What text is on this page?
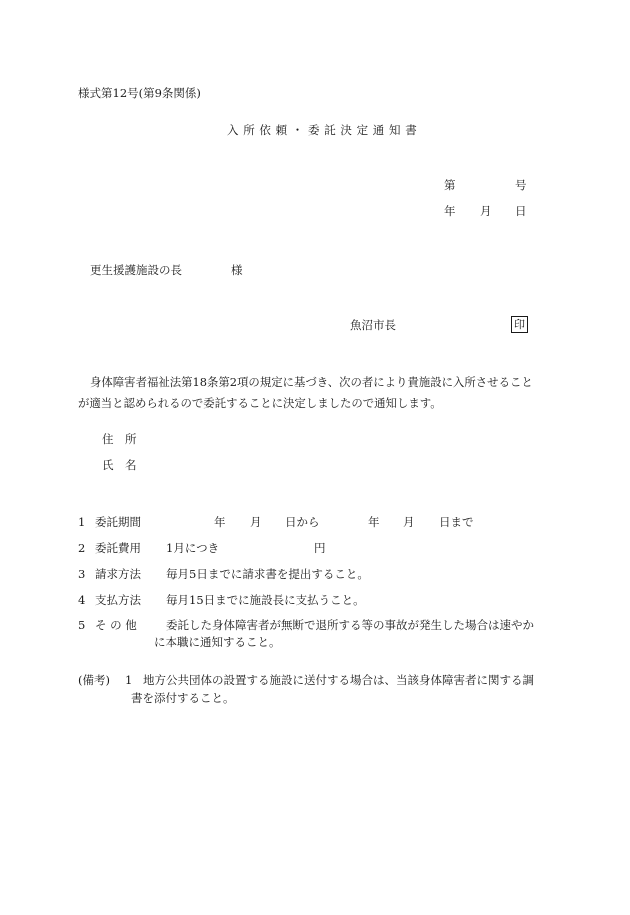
様式第12号(第9条関係)
入所依頼・委託決定通知書
第	号
年 月 日
更生援護施設の長	様
魚沼市長	印
身体障害者福祉法第18条第2項の規定に基づき、次の者により貴施設に入所させること
が適当と認められるので委託することに決定しましたので通知します。
住　所
氏　名
1 委託期間	年 月 日から	年 月 日まで
2 委託費用 1月につき	円
3 請求方法 毎月5日までに請求書を提出すること。
4 支払方法 毎月15日までに施設長に支払うこと。
5 そ の 他	委託した身体障害者が無断で退所する等の事故が発生した場合は速やか
に本職に通知すること。
(備考) 1 地方公共団体の設置する施設に送付する場合は、当該身体障害者に関する調
書を添付すること。
